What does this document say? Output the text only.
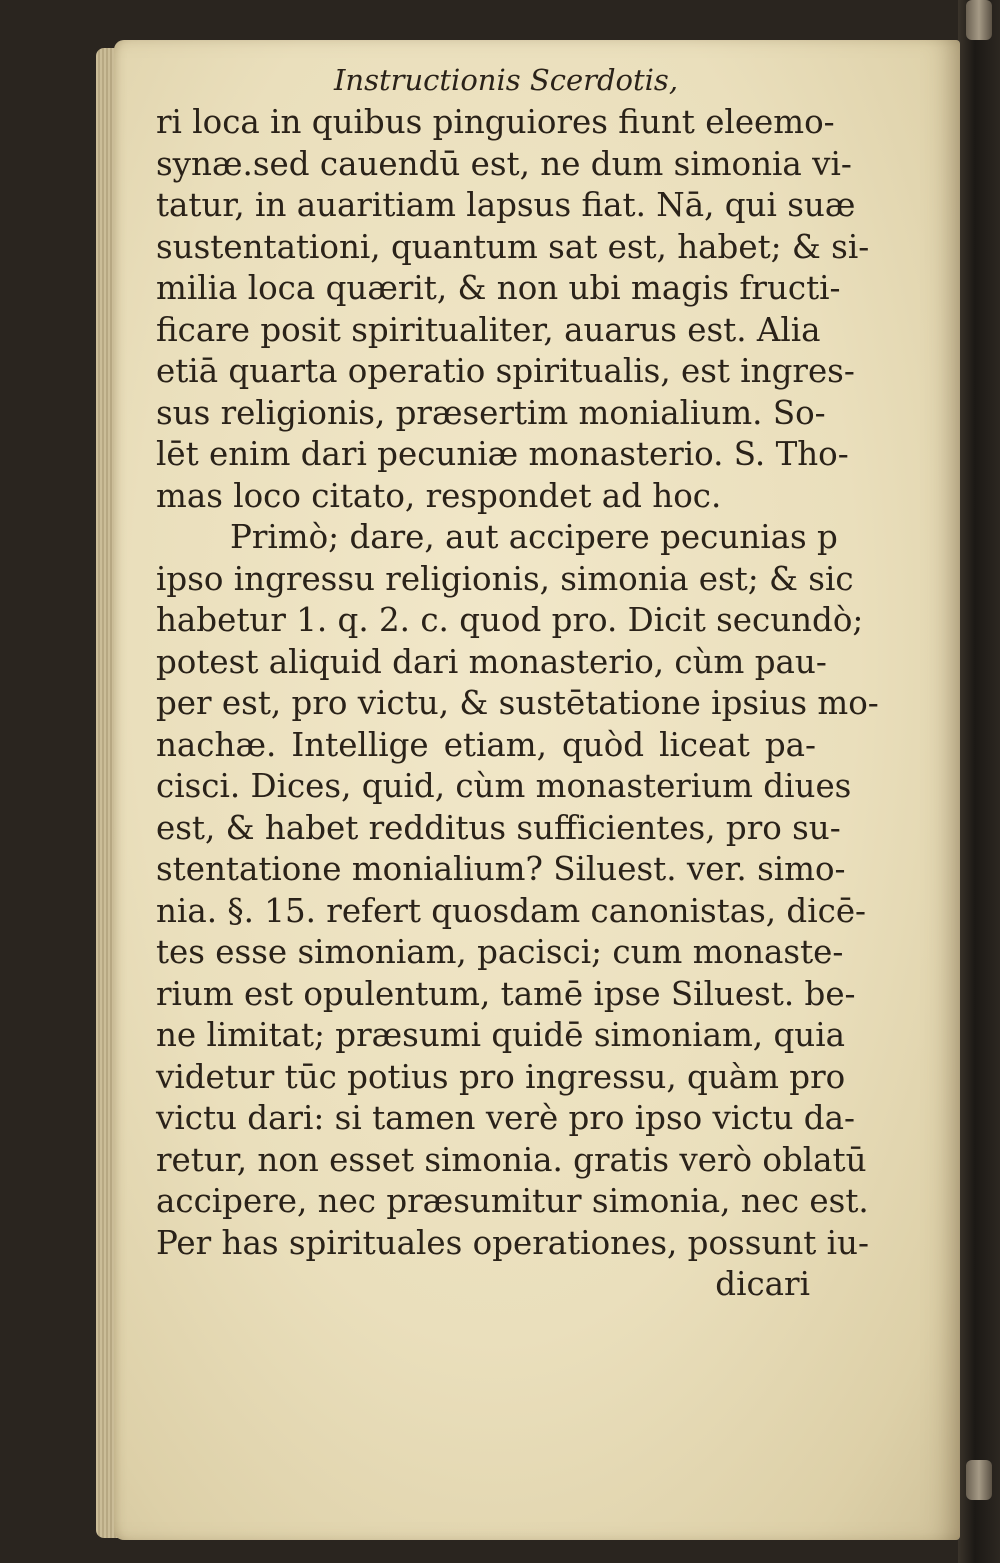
Instructionis Scerdotis,
ri loca in quibus pinguiores fiunt eleemo-
synæ.sed cauendū est, ne dum simonia vi-
tatur, in auaritiam lapsus fiat. Nā, qui suæ
sustentationi, quantum sat est, habet; & si-
milia loca quærit, & non ubi magis fructi-
ficare posit spiritualiter, auarus est. Alia
etiā quarta operatio spiritualis, est ingres-
sus religionis, præsertim monialium. So-
lēt enim dari pecuniæ monasterio. S. Tho-
mas loco citato, respondet ad hoc.
Primò; dare, aut accipere pecunias p
ipso ingressu religionis, simonia est; & sic
habetur 1. q. 2. c. quod pro. Dicit secundò;
potest aliquid dari monasterio, cùm pau-
per est, pro victu, & sustētatione ipsius mo-
nachæ. Intellige etiam, quòd liceat pa-
cisci. Dices, quid, cùm monasterium diues
est, & habet redditus sufficientes, pro su-
stentatione monialium? Siluest. ver. simo-
nia. §. 15. refert quosdam canonistas, dicē-
tes esse simoniam, pacisci; cum monaste-
rium est opulentum, tamē ipse Siluest. be-
ne limitat; præsumi quidē simoniam, quia
videtur tūc potius pro ingressu, quàm pro
victu dari: si tamen verè pro ipso victu da-
retur, non esset simonia. gratis verò oblatū
accipere, nec præsumitur simonia, nec est.
Per has spirituales operationes, possunt iu-
dicari
